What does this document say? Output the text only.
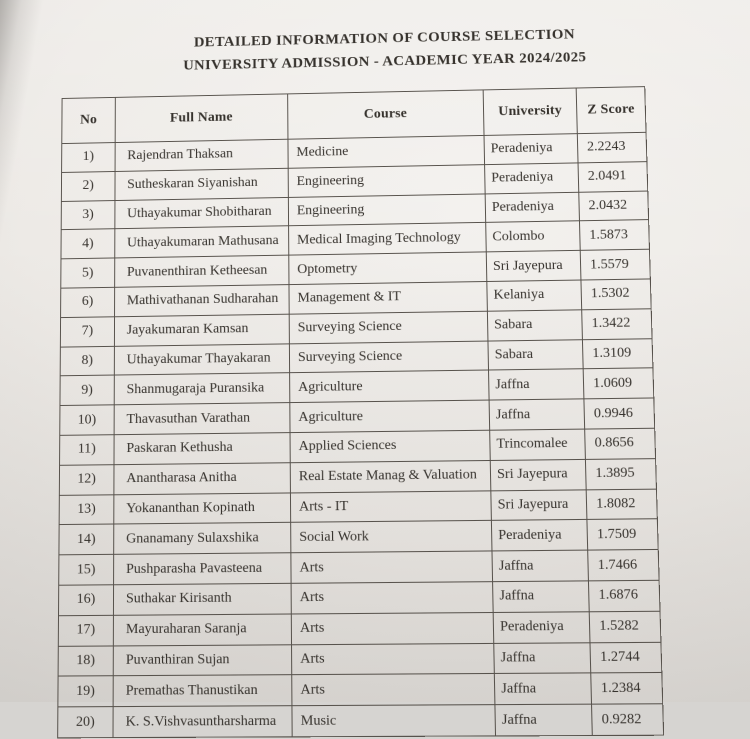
DETAILED INFORMATION OF COURSE SELECTION
UNIVERSITY ADMISSION - ACADEMIC YEAR 2024/2025
No	Full Name	Course	University	Z Score
1)	Rajendran Thaksan	Medicine	Peradeniya	2.2243
2)	Sutheskaran Siyanishan	Engineering	Peradeniya	2.0491
3)	Uthayakumar Shobitharan	Engineering	Peradeniya	2.0432
4)	Uthayakumaran Mathusana	Medical Imaging Technology	Colombo	1.5873
5)	Puvanenthiran Ketheesan	Optometry	Sri Jayepura	1.5579
6)	Mathivathanan Sudharahan	Management & IT	Kelaniya	1.5302
7)	Jayakumaran Kamsan	Surveying Science	Sabara	1.3422
8)	Uthayakumar Thayakaran	Surveying Science	Sabara	1.3109
9)	Shanmugaraja Puransika	Agriculture	Jaffna	1.0609
10)	Thavasuthan Varathan	Agriculture	Jaffna	0.9946
11)	Paskaran Kethusha	Applied Sciences	Trincomalee	0.8656
12)	Anantharasa Anitha	Real Estate Manag & Valuation	Sri Jayepura	1.3895
13)	Yokananthan Kopinath	Arts - IT	Sri Jayepura	1.8082
14)	Gnanamany Sulaxshika	Social Work	Peradeniya	1.7509
15)	Pushparasha Pavasteena	Arts	Jaffna	1.7466
16)	Suthakar Kirisanth	Arts	Jaffna	1.6876
17)	Mayuraharan Saranja	Arts	Peradeniya	1.5282
18)	Puvanthiran Sujan	Arts	Jaffna	1.2744
19)	Premathas Thanustikan	Arts	Jaffna	1.2384
20)	K. S.Vishvasuntharsharma	Music	Jaffna	0.9282
